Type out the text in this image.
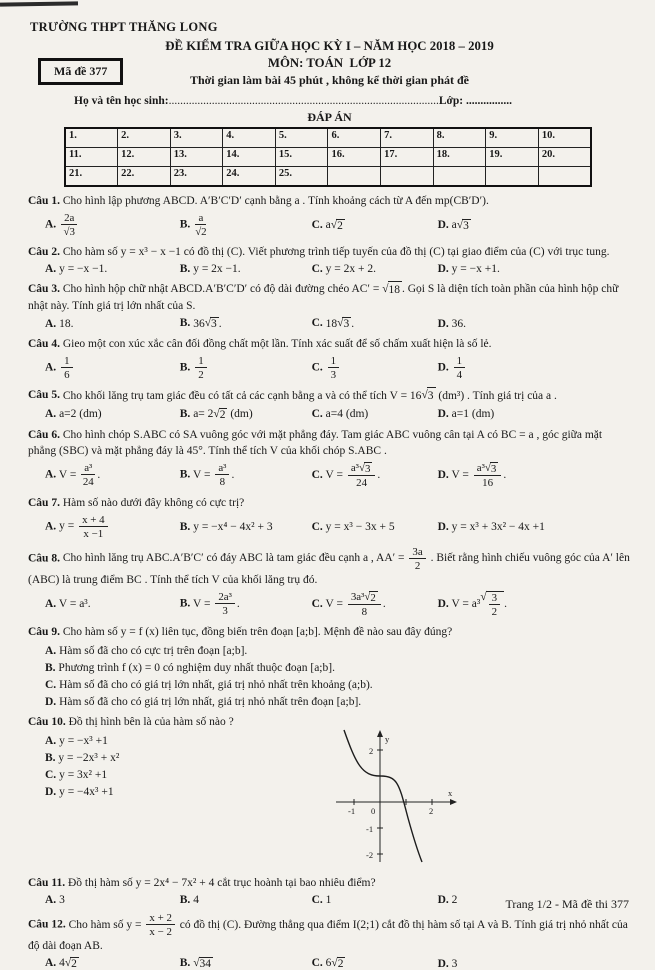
TRƯỜNG THPT THĂNG LONG
Mã đề 377
ĐỀ KIỂM TRA GIỮA HỌC KỲ I – NĂM HỌC 2018 – 2019
MÔN: TOÁN  LỚP 12
Thời gian làm bài 45 phút , không kể thời gian phát đề
Họ và tên học sinh:..............................................................................................Lớp: ................
ĐÁP ÁN
1.	2.	3.	4.	5.	6.	7.	8.	9.	10.
11.	12.	13.	14.	15.	16.	17.	18.	19.	20.
21.	22.	23.	24.	25.					
Câu 1. Cho hình lập phương ABCD. A′B′C′D′ cạnh bằng a . Tính khoảng cách từ A đến mp(CB′D′).
A. $\frac{2a}{√3}$	B. $\frac{a}{√2}$	C. a √ 2	D. a √ 3
Câu 2. Cho hàm số y = x³ − x −1 có đồ thị (C). Viết phương trình tiếp tuyến của đồ thị (C) tại giao điểm của (C) với trục tung.
A. y = −x −1.	B. y = 2x −1.	C. y = 2x + 2.	D. y = −x +1.
Câu 3. Cho hình hộp chữ nhật ABCD.A′B′C′D′ có độ dài đường chéo AC′ = √ 18 . Gọi S là diện tích toàn phần của hình hộp chữ nhật này. Tính giá trị lớn nhất của S.
A. 18.	B. 36 √ 3 .	C. 18 √ 3 .	D. 36.
Câu 4. Gieo một con xúc xắc cân đối đồng chất một lần. Tính xác suất để số chấm xuất hiện là số lẻ.
A. $\frac{1}{6}$	B. $\frac{1}{2}$	C. $\frac{1}{3}$	D. $\frac{1}{4}$
Câu 5. Cho khối lăng trụ tam giác đều có tất cả các cạnh bằng a và có thể tích V = 16 √ 3 (dm³) . Tính giá trị của a .
A. a=2 (dm)	B. a= 2 √ 2 (dm)	C. a=4 (dm)	D. a=1 (dm)
Câu 6. Cho hình chóp S.ABC có SA vuông góc với mặt phẳng đáy. Tam giác ABC vuông cân tại A có BC = a , góc giữa mặt phẳng (SBC) và mặt phẳng đáy là 45°. Tính thể tích V của khối chóp S.ABC .
A. $V = \frac{\text{a³}}{24}$ .	B. $V = \frac{\text{a³}}{8}$ .	C. $V = \frac{\text{a³ √ 3}}{24}$ .	D. $V = \frac{\text{a³ √ 3}}{16}$ .
Câu 7. Hàm số nào dưới đây không có cực trị?
A. $y = \frac{x + 4}{x -1}$	B. y = −x⁴ − 4x² + 3	C. y = x³ − 3x + 5	D. y = x³ + 3x² − 4x +1
Câu 8. Cho hình lăng trụ ABC.A′B′C′ có đáy ABC là tam giác đều cạnh a , $AA' = \frac{3a}{2}$ . Biết rằng hình chiếu vuông góc của A′ lên (ABC) là trung điểm BC . Tính thể tích V của khối lăng trụ đó.
A. V = a³.	B. $V = \frac{\text{2a³}}{3}$ .	C. $V = \frac{\text{3a³ √ 2}}{8}$ .	D. V = a³
√ $\frac{3}{2}$ .
Câu 9. Cho hàm số y = f (x) liên tục, đồng biến trên đoạn [a;b]. Mệnh đề nào sau đây đúng?
A. Hàm số đã cho có cực trị trên đoạn [a;b].
B. Phương trình f (x) = 0 có nghiệm duy nhất thuộc đoạn [a;b].
C. Hàm số đã cho có giá trị lớn nhất, giá trị nhỏ nhất trên khoảng (a;b).
D. Hàm số đã cho có giá trị lớn nhất, giá trị nhỏ nhất trên đoạn [a;b].
Câu 10. Đồ thị hình bên là của hàm số nào ?
A. y = −x³ +1
B. y = −2x³ + x²
C. y = 3x² +1
D. y = −4x³ +1
y
x
2
-1
-2
-1 0	2
Câu 11. Đồ thị hàm số y = 2x⁴ − 7x² + 4 cắt trục hoành tại bao nhiêu điểm?
A. 3	B. 4	C. 1	D. 2
Câu 12. Cho hàm số $y = \frac{x + 2}{x - 2}$ có đồ thị (C). Đường thẳng qua điểm I(2;1) cắt đồ thị hàm số tại A và B. Tính giá trị nhỏ nhất của độ dài đoạn AB.
A. 4 √ 2	B. √ 34	C. 6 √ 2	D. 3
Trang 1/2 - Mã đề thi 377
